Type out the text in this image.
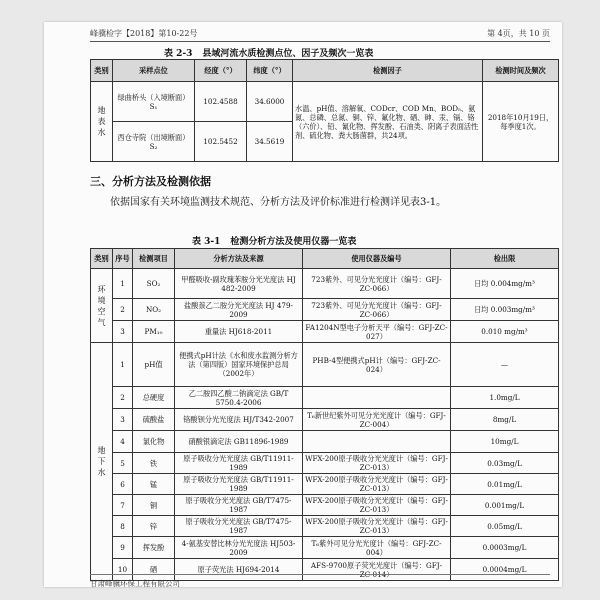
峰骥检字【2018】第10-22号	第 4页，共 10 页
表 2-3 县域河流水质检测点位、因子及频次一览表
类别	采样点位	经度（°）	纬度（°）	检测因子	检测时间及频次
地表水	绿曲桥头（入境断面）S₁	102.4588	34.6000	水温、pH值、溶解氧、CODcr、COD Mn、BOD₅、氨氮、总磷、总氮、铜、锌、氟化物、硒、砷、汞、镉、铬（六价）、铅、氰化物、挥发酚、石油类、阴离子表面活性剂、硫化物、粪大肠菌群，共24项。	2018年10月19日，每季度1次。
	西仓寺院（出境断面）S₂	102.5452	34.5619		
三、分析方法及检测依据
依据国家有关环境监测技术规范、分析方法及评价标准进行检测详见表3-1。
表 3-1 检测分析方法及使用仪器一览表
类别	序号	检测项目	分析方法及来源	使用仪器及编号	检出限
环境空气	1	SO₂	甲醛吸收-副玫瑰苯胺分光光度法 HJ 482-2009	723紫外、可见分光光度计（编号：GFJ-ZC-066）	日均 0.004mg/m³
	2	NO₂	盐酸萘乙二胺分光光度法 HJ 479-2009	723紫外、可见分光光度计（编号：GFJ-ZC-066）	日均 0.003mg/m³
	3	PM₁₀	重量法 HJ618-2011	FA1204N型电子分析天平（编号：GFJ-ZC-027）	0.010 mg/m³
地下水	1	pH值	便携式pH计法《水和废水监测分析方法（第四版）国家环境保护总局（2002年）	PHB-4型便携式pH计（编号：GFJ-ZC-024）	—
	2	总硬度	乙二胺四乙酸二钠滴定法 GB/T 5750.4-2006		1.0mg/L
	3	硫酸盐	铬酸钡分光光度法 HJ/T342-2007	T₆新世纪紫外可见分光光度计（编号：GFJ-ZC-004）	8mg/L
	4	氯化物	硝酸银滴定法 GB11896-1989		10mg/L
	5	铁	原子吸收分光光度法 GB/T11911-1989	WFX-200原子吸收分光光度计（编号：GFJ-ZC-013）	0.03mg/L
	6	锰	原子吸收分光光度法 GB/T11911-1989	WFX-200原子吸收分光光度计（编号：GFJ-ZC-013）	0.01mg/L
	7	铜	原子吸收分光光度法 GB/T7475-1987	WFX-200原子吸收分光光度计（编号：GFJ-ZC-013）	0.001mg/L
	8	锌	原子吸收分光光度法 GB/T7475-1987	WFX-200原子吸收分光光度计（编号：GFJ-ZC-013）	0.05mg/L
	9	挥发酚	4-氨基安替比林分光光度法 HJ503-2009	T₆紫外可见分光光度计（编号：GFJ-ZC-004）	0.0003mg/L
	10	硒	原子荧光法 HJ694-2014	AFS-9700原子荧光光度计（编号：GFJ-ZC-014）	0.0004mg/L
甘肃峰骥环保工程有限公司
